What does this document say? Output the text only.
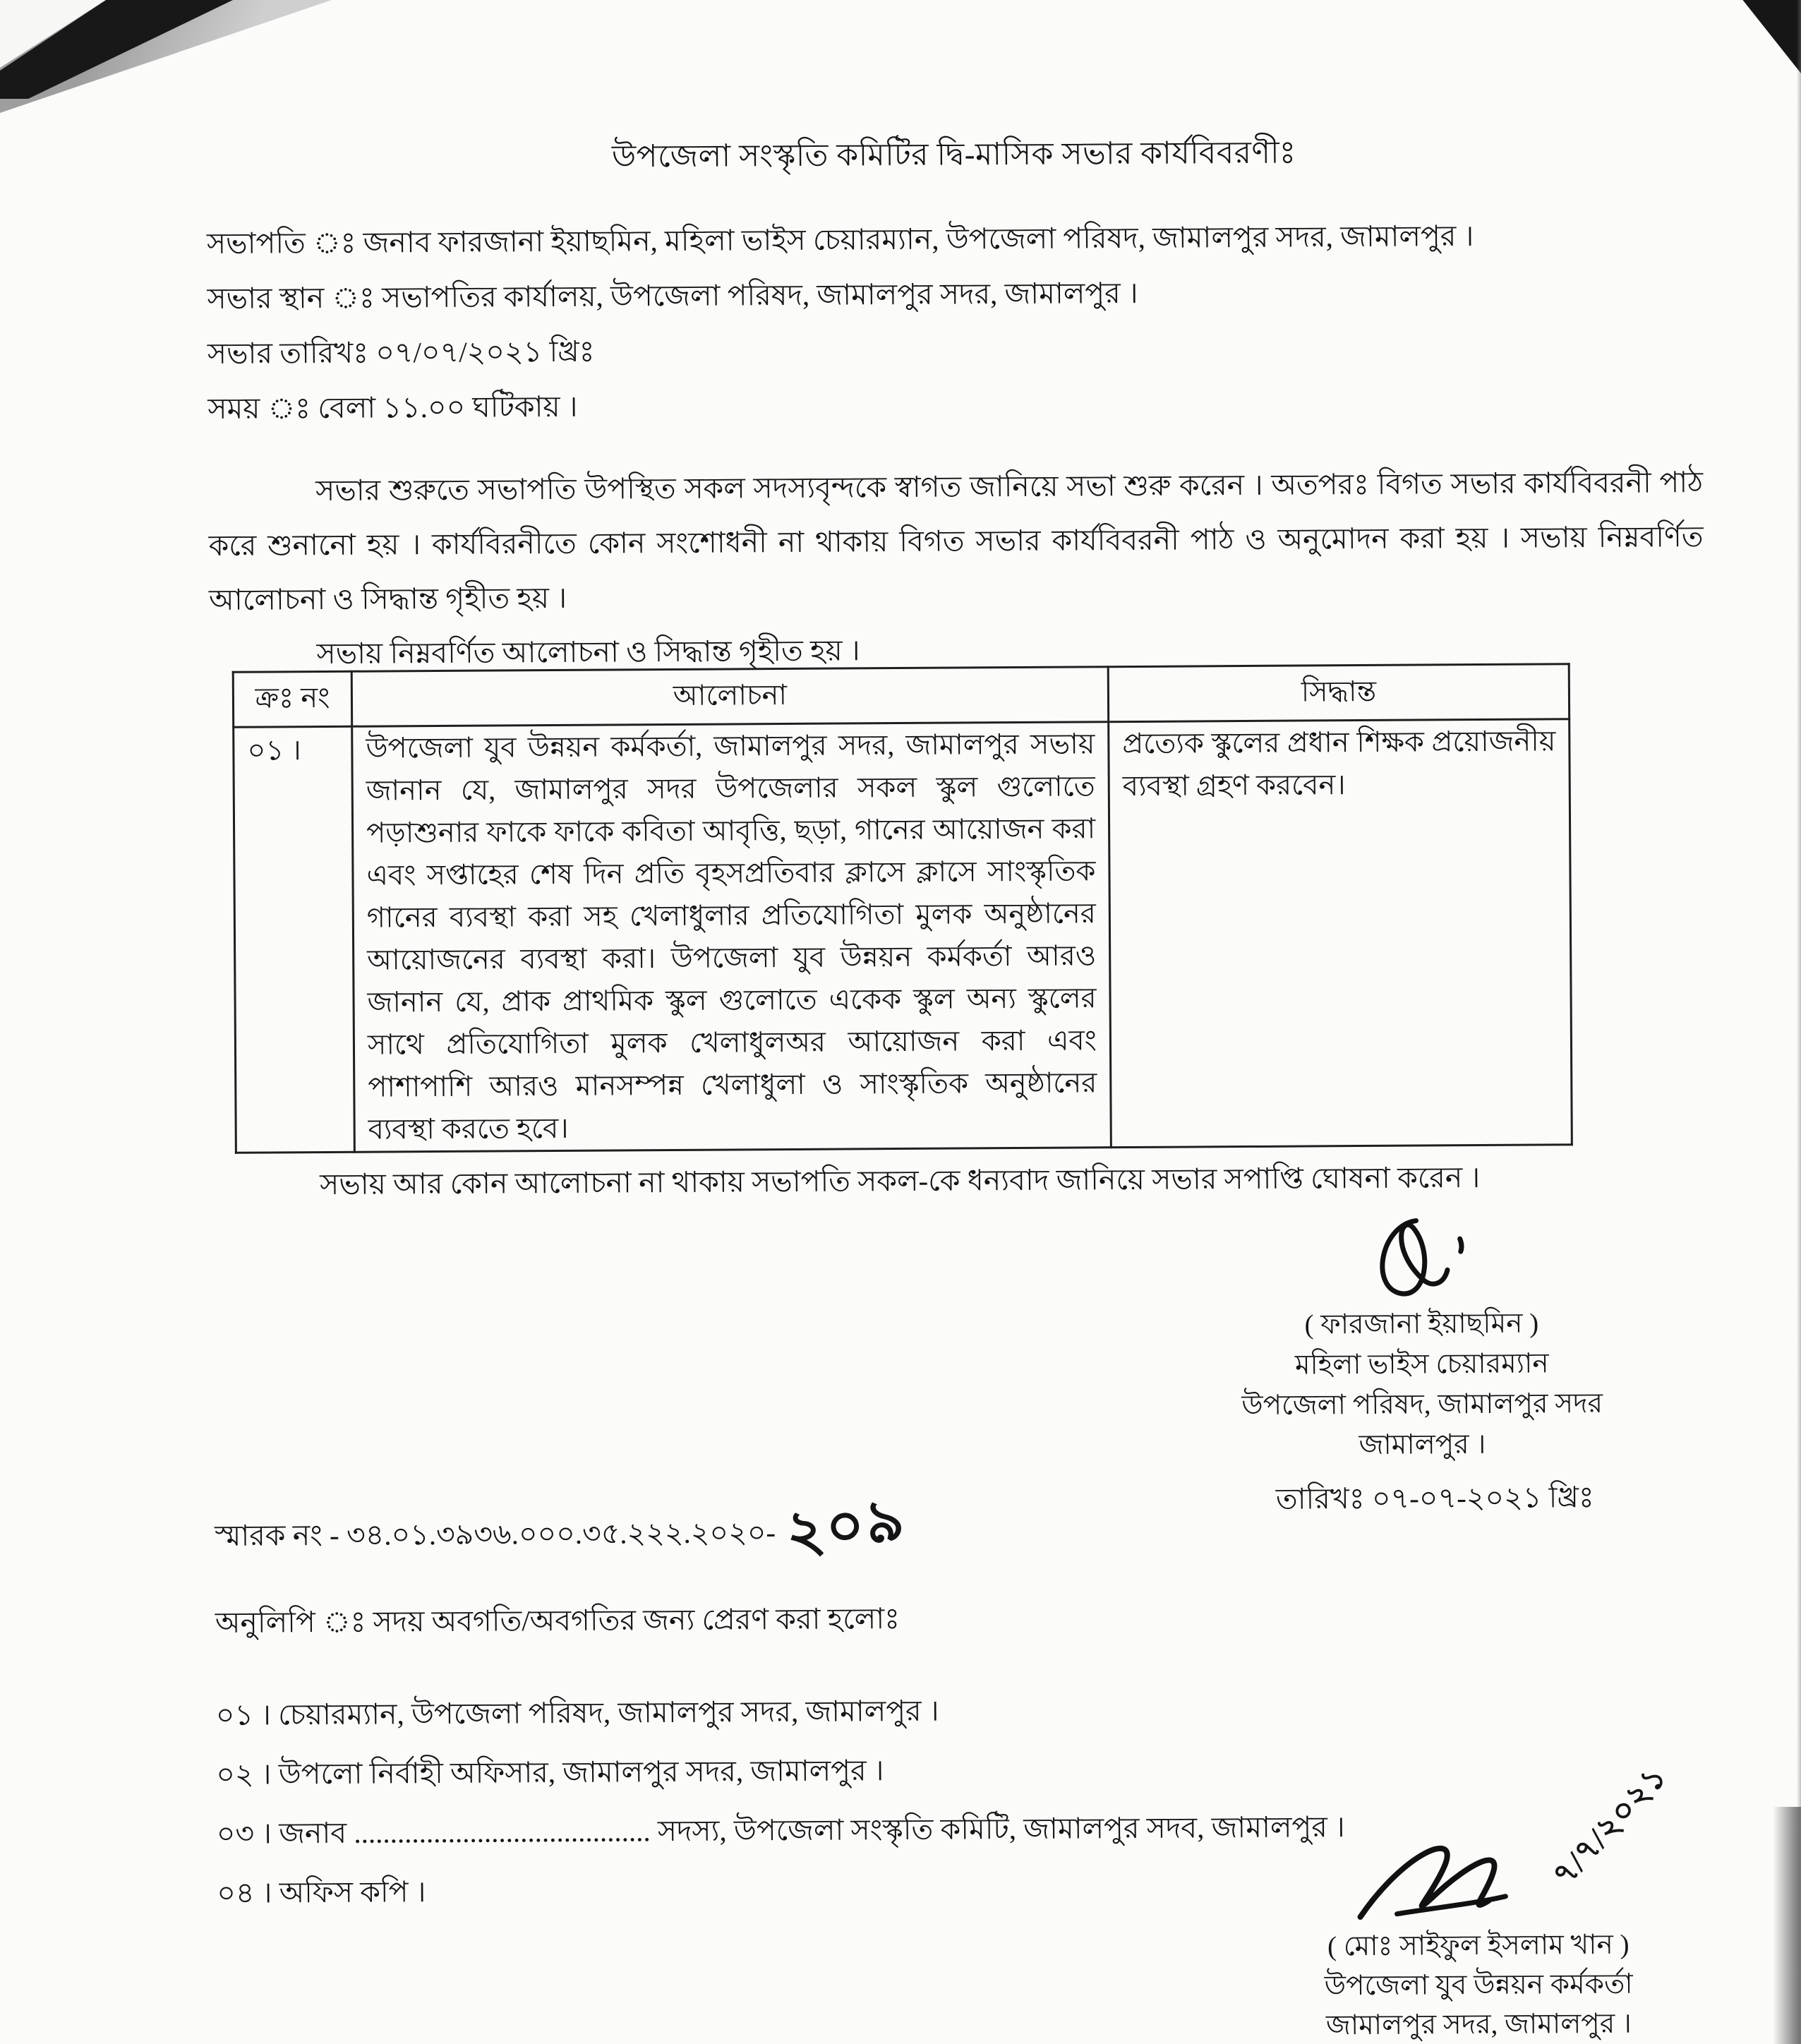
উপজেলা সংস্কৃতি কমিটির দ্বি-মাসিক সভার কার্যবিবরণীঃ
সভাপতি ঃ জনাব ফারজানা ইয়াছমিন, মহিলা ভাইস চেয়ারম্যান, উপজেলা পরিষদ, জামালপুর সদর, জামালপুর ।
সভার স্থান ঃ সভাপতির কার্যালয়, উপজেলা পরিষদ, জামালপুর সদর, জামালপুর ।
সভার তারিখঃ ০৭/০৭/২০২১ খ্রিঃ
সময় ঃ বেলা ১১.০০ ঘটিকায় ।

সভার শুরুতে সভাপতি উপস্থিত সকল সদস্যবৃন্দকে স্বাগত জানিয়ে সভা শুরু করেন । অতপরঃ বিগত সভার কার্যবিবরনী পাঠ করে শুনানো হয় । কার্যবিরনীতে কোন সংশোধনী না থাকায় বিগত সভার কার্যবিবরনী পাঠ ও অনুমোদন করা হয় । সভায় নিম্নবর্ণিত আলোচনা ও সিদ্ধান্ত গৃহীত হয় ।

সভায় নিম্নবর্ণিত আলোচনা ও সিদ্ধান্ত গৃহীত হয় ।
ক্রঃ নং	আলোচনা	সিদ্ধান্ত
০১ ।	উপজেলা যুব উন্নয়ন কর্মকর্তা, জামালপুর সদর, জামালপুর সভায় জানান যে, জামালপুর সদর উপজেলার সকল স্কুল গুলোতে পড়াশুনার ফাকে ফাকে কবিতা আবৃত্তি, ছড়া, গানের আয়োজন করা এবং সপ্তাহের শেষ দিন প্রতি বৃহসপ্রতিবার ক্লাসে ক্লাসে সাংস্কৃতিক গানের ব্যবস্থা করা সহ খেলাধুলার প্রতিযোগিতা মুলক অনুষ্ঠানের আয়োজনের ব্যবস্থা করা। উপজেলা যুব উন্নয়ন কর্মকর্তা আরও জানান যে, প্রাক প্রাথমিক স্কুল গুলোতে একেক স্কুল অন্য স্কুলের সাথে প্রতিযোগিতা মুলক খেলাধুলঅর আয়োজন করা এবং পাশাপাশি আরও মানসম্পন্ন খেলাধুলা ও সাংস্কৃতিক অনুষ্ঠানের ব্যবস্থা করতে হবে।	প্রত্যেক স্কুলের প্রধান শিক্ষক প্রয়োজনীয় ব্যবস্থা গ্রহণ করবেন।
সভায় আর কোন আলোচনা না থাকায় সভাপতি সকল-কে ধন্যবাদ জানিয়ে সভার সপাপ্তি ঘোষনা করেন ।
( ফারজানা ইয়াছমিন )
মহিলা ভাইস চেয়ারম্যান
উপজেলা পরিষদ, জামালপুর সদর
জামালপুর ।
স্মারক নং - ৩৪.০১.৩৯৩৬.০০০.৩৫.২২২.২০২০- ২০৯	তারিখঃ ০৭-০৭-২০২১ খ্রিঃ
অনুলিপি ঃ সদয় অবগতি/অবগতির জন্য প্রেরণ করা হলোঃ
০১ । চেয়ারম্যান, উপজেলা পরিষদ, জামালপুর সদর, জামালপুর ।
০২ । উপলো নির্বাহী অফিসার, জামালপুর সদর, জামালপুর ।
০৩ । জনাব ......................................... সদস্য, উপজেলা সংস্কৃতি কমিটি, জামালপুর সদব, জামালপুর ।
০৪ । অফিস কপি ।	৭/৭/২০২১
( মোঃ সাইফুল ইসলাম খান )
উপজেলা যুব উন্নয়ন কর্মকর্তা
জামালপুর সদর, জামালপুর ।
